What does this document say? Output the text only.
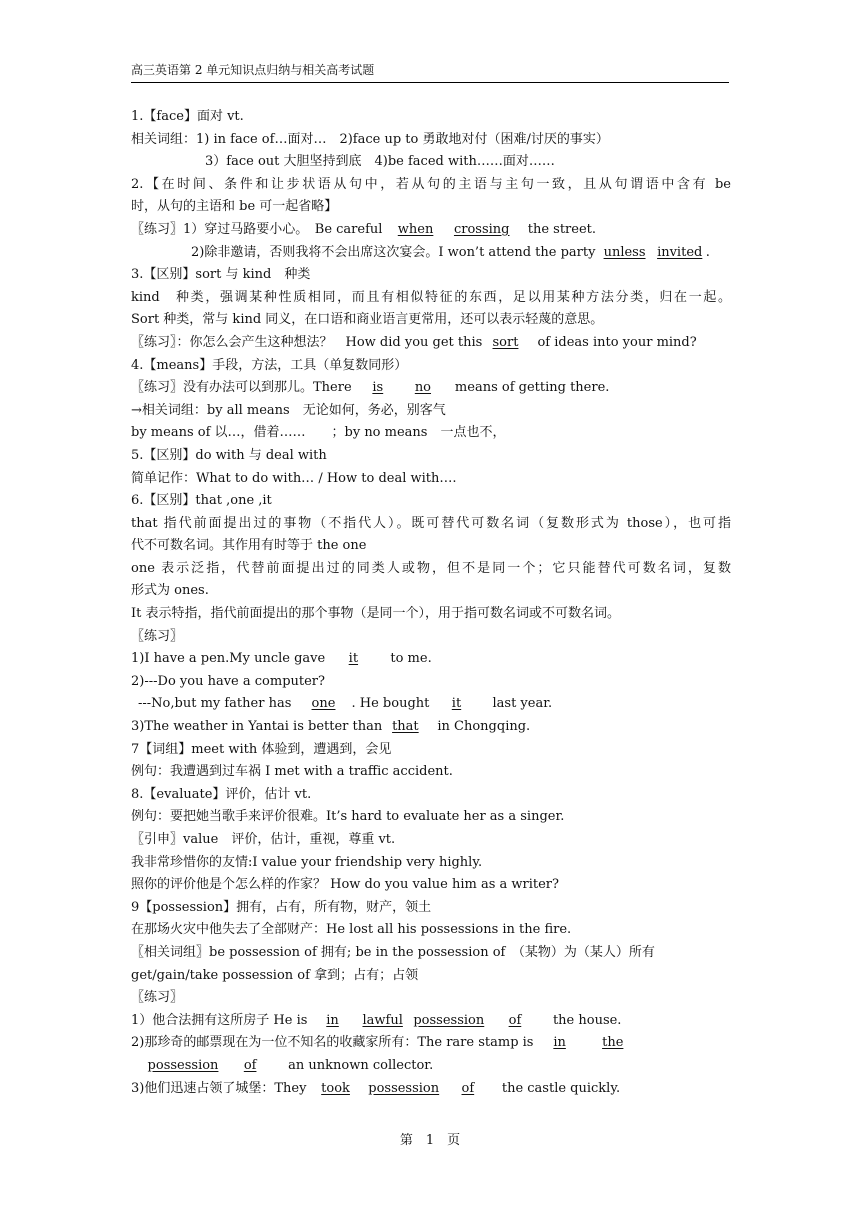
高三英语第 2 单元知识点归纳与相关高考试题
1.【face】面对 vt.
相关词组：1) in face of…面对…　2)face up to 勇敢地对付（困难/讨厌的事实）
3）face out 大胆坚持到底　4)be faced with……面对……
2.【在时间、条件和让步状语从句中，若从句的主语与主句一致，且从句谓语中含有 be
时，从句的主语和 be 可一起省略】
〖练习〗1）穿过马路要小心。　Be careful when crossing　the street.
2)除非邀请，否则我将不会出席这次宴会。I won’t attend the party unless invited .
3.【区别】sort 与 kind　种类
kind　种类，强调某种性质相同，而且有相似特征的东西，足以用某种方法分类，归在一起。
Sort 种类，常与 kind 同义，在口语和商业语言更常用，还可以表示轻蔑的意思。
〖练习〗：你怎么会产生这种想法？　How did you get this sort　of ideas into your mind?
4.【means】手段，方法，工具（单复数同形）
〖练习〗没有办法可以到那儿。There is no　means of getting there.
→相关词组：by all means　无论如何，务必，别客气
by means of 以…，借着……　　；by no means　一点也不，
5.【区别】do with 与 deal with
简单记作：What to do with… / How to deal with….
6.【区别】that ,one ,it
that 指代前面提出过的事物（不指代人）。既可替代可数名词（复数形式为 those），也可指
代不可数名词。其作用有时等于 the one
one 表示泛指，代替前面提出过的同类人或物，但不是同一个；它只能替代可数名词，复数
形式为 ones.
It 表示特指，指代前面提出的那个事物（是同一个），用于指可数名词或不可数名词。
〖练习〗
1)I have a pen.My uncle gave it　to me.
2)---Do you have a computer?
---No,but my father has one . He bought it　last year.
3)The weather in Yantai is better than that　in Chongqing.
7【词组】meet with 体验到，遭遇到，会见
例句：我遭遇到过车祸 I met with a traffic accident.
8.【evaluate】评价，估计 vt.
例句：要把她当歌手来评价很难。It’s hard to evaluate her as a singer.
〖引申〗value　评价，估计，重视，尊重 vt.
我非常珍惜你的友情:I value your friendship very highly.
照你的评价他是个怎么样的作家？ How do you value him as a writer?
9【possession】拥有，占有，所有物，财产，领土
在那场火灾中他失去了全部财产：He lost all his possessions in the fire.
〖相关词组〗be possession of 拥有; be in the possession of　（某物）为（某人）所有
get/gain/take possession of 拿到；占有；占领
〖练习〗
1）他合法拥有这所房子 He is in lawful possession of　the house.
2)那珍奇的邮票现在为一位不知名的收藏家所有：The rare stamp is in	the
possession of　an unknown collector.
3)他们迅速占领了城堡：They took possession of　the castle quickly.
第　1　页
